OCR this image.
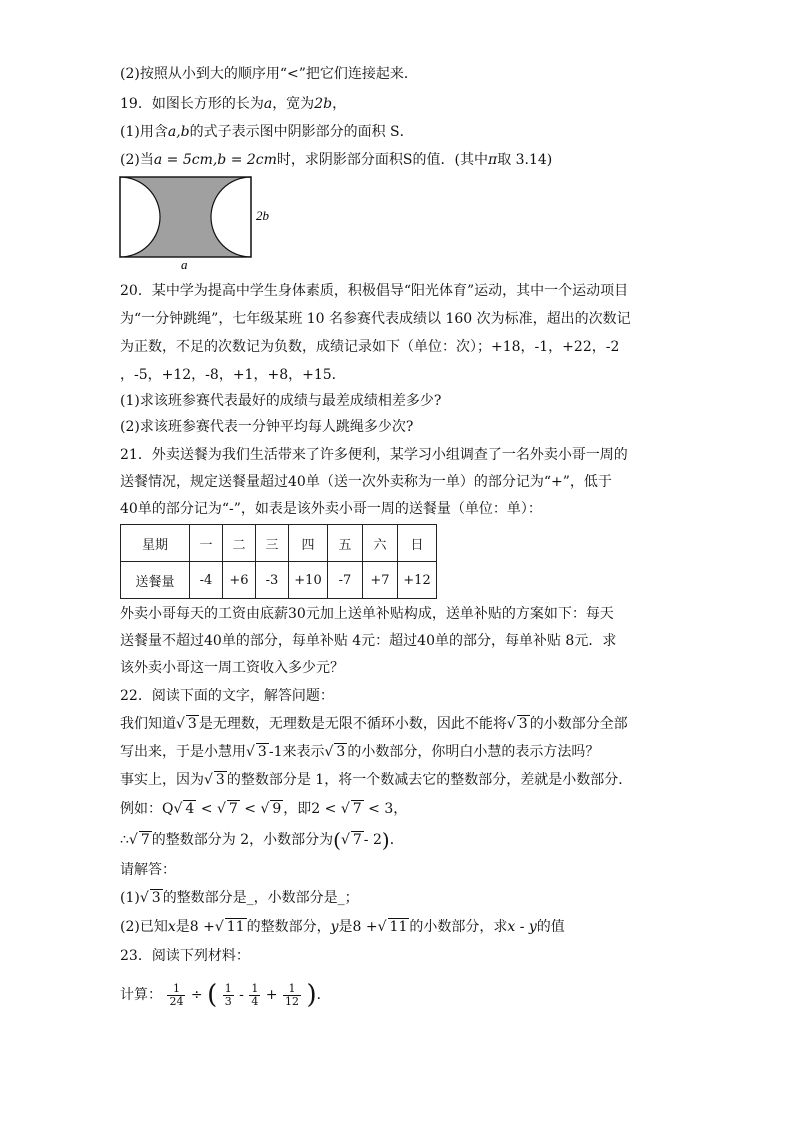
(2)按照从小到大的顺序用“<”把它们连接起来．
19．如图长方形的长为a，宽为2b，
(1)用含a,b的式子表示图中阴影部分的面积 S．
(2)当a = 5cm,b = 2cm时，求阴影部分面积S的值．(其中π取 3.14)
2b
a
20．某中学为提高中学生身体素质，积极倡导“阳光体育”运动，其中一个运动项目
为“一分钟跳绳”，七年级某班 10 名参赛代表成绩以 160 次为标准，超出的次数记
为正数，不足的次数记为负数，成绩记录如下（单位：次）；+18，-1，+22，-2
，-5，+12，-8，+1，+8，+15．
(1)求该班参赛代表最好的成绩与最差成绩相差多少?
(2)求该班参赛代表一分钟平均每人跳绳多少次?
21．外卖送餐为我们生活带来了许多便利，某学习小组调查了一名外卖小哥一周的
送餐情况，规定送餐量超过40单（送一次外卖称为一单）的部分记为“+”，低于
40单的部分记为“-”，如表是该外卖小哥一周的送餐量（单位：单）：
星期	一	二	三	四	五	六	日
送餐量	-4	+6	-3	+10	-7	+7	+12
外卖小哥每天的工资由底薪30元加上送单补贴构成，送单补贴的方案如下：每天
送餐量不超过40单的部分，每单补贴 4元：超过40单的部分，每单补贴 8元．求
该外卖小哥这一周工资收入多少元？
22．阅读下面的文字，解答问题：
我们知道√ 3 是无理数，无理数是无限不循环小数，因此不能将√ 3 的小数部分全部
写出来，于是小慧用√ 3 -1来表示√ 3 的小数部分，你明白小慧的表示方法吗？
事实上，因为√ 3 的整数部分是 1，将一个数减去它的整数部分，差就是小数部分．
例如：Q√ 4 < √ 7 < √ 9 ，即2 < √ 7 < 3，
∴√ 7 的整数部分为 2，小数部分为(√ 7 - 2)．
请解答：
(1)√ 3 的整数部分是_，小数部分是_；
(2)已知x是8 +√ 11 的整数部分，y是8 +√ 11 的小数部分，求x - y的值
23．阅读下列材料：
计算： $\frac{1}{24}$ ÷ ( $\frac{1}{3} - \frac{1}{4} + \frac{1}{12}$ )．
